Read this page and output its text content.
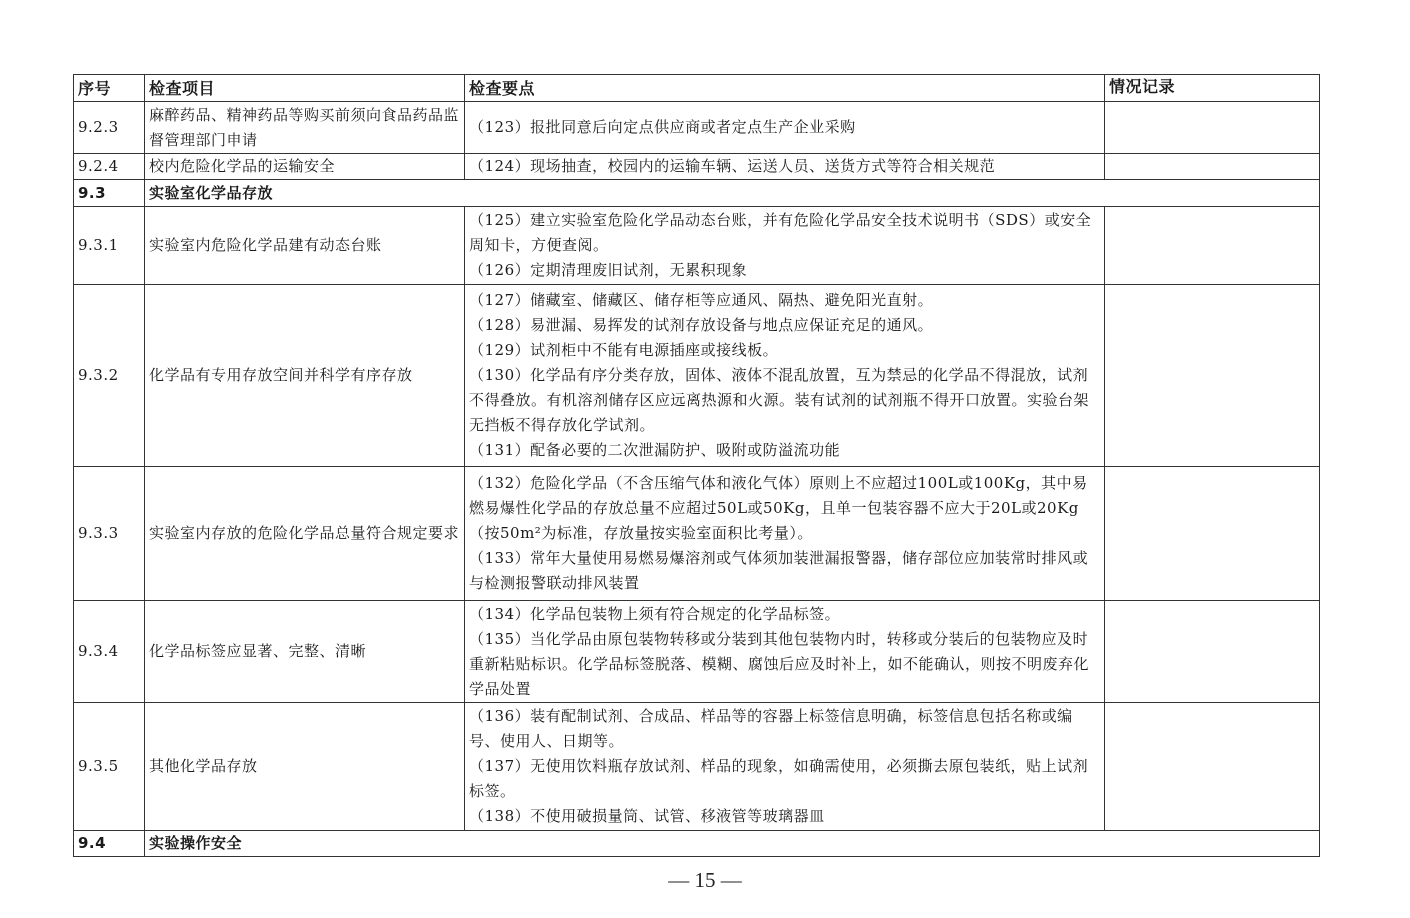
序号	检查项目	检查要点	情况记录
9.2.3	麻醉药品、精神药品等购买前须向食品药品监督管理部门申请	（123）报批同意后向定点供应商或者定点生产企业采购	

9.2.4	校内危险化学品的运输安全	（124）现场抽查，校园内的运输车辆、运送人员、送货方式等符合相关规范	

9.3	实验室化学品存放		
9.3.1	实验室内危险化学品建有动态台账	（125）建立实验室危险化学品动态台账，并有危险化学品安全技术说明书（SDS）或安全周知卡，方便查阅。
（126）定期清理废旧试剂，无累积现象	

9.3.2	化学品有专用存放空间并科学有序存放	（127）储藏室、储藏区、储存柜等应通风、隔热、避免阳光直射。
（128）易泄漏、易挥发的试剂存放设备与地点应保证充足的通风。
（129）试剂柜中不能有电源插座或接线板。
（130）化学品有序分类存放，固体、液体不混乱放置，互为禁忌的化学品不得混放，试剂不得叠放。有机溶剂储存区应远离热源和火源。装有试剂的试剂瓶不得开口放置。实验台架无挡板不得存放化学试剂。
（131）配备必要的二次泄漏防护、吸附或防溢流功能	

9.3.3	实验室内存放的危险化学品总量符合规定要求	（132）危险化学品（不含压缩气体和液化气体）原则上不应超过100L或100Kg，其中易燃易爆性化学品的存放总量不应超过50L或50Kg，且单一包装容器不应大于20L或20Kg（按50m²为标准，存放量按实验室面积比考量）。
（133）常年大量使用易燃易爆溶剂或气体须加装泄漏报警器，储存部位应加装常时排风或与检测报警联动排风装置	

9.3.4	化学品标签应显著、完整、清晰	（134）化学品包装物上须有符合规定的化学品标签。
（135）当化学品由原包装物转移或分装到其他包装物内时，转移或分装后的包装物应及时重新粘贴标识。化学品标签脱落、模糊、腐蚀后应及时补上，如不能确认，则按不明废弃化学品处置	

9.3.5	其他化学品存放	（136）装有配制试剂、合成品、样品等的容器上标签信息明确，标签信息包括名称或编号、使用人、日期等。
（137）无使用饮料瓶存放试剂、样品的现象，如确需使用，必须撕去原包装纸，贴上试剂标签。
（138）不使用破损量筒、试管、移液管等玻璃器皿	

9.4	实验操作安全		
— 15 —
